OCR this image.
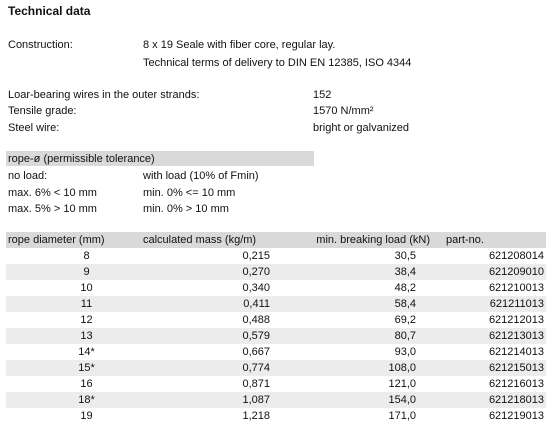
Technical data
Construction:	8 x 19 Seale with fiber core, regular lay.
Technical terms of delivery to DIN EN 12385, ISO 4344
Loar-bearing wires in the outer strands:	152
Tensile grade:	1570 N/mm²
Steel wire:	bright or galvanized
rope-ø (permissible tolerance)
no load:	with load (10% of Fmin)
max. 6% < 10 mm	min. 0% <= 10 mm
max. 5% > 10 mm	min. 0% > 10 mm
rope diameter (mm)	calculated mass (kg/m)	min. breaking load (kN)	part-no.
8	0,215	30,5	621208014
9	0,270	38,4	621209010
10	0,340	48,2	621210013
11	0,411	58,4	621211013
12	0,488	69,2	621212013
13	0,579	80,7	621213013
14*	0,667	93,0	621214013
15*	0,774	108,0	621215013
16	0,871	121,0	621216013
18*	1,087	154,0	621218013
19	1,218	171,0	621219013
